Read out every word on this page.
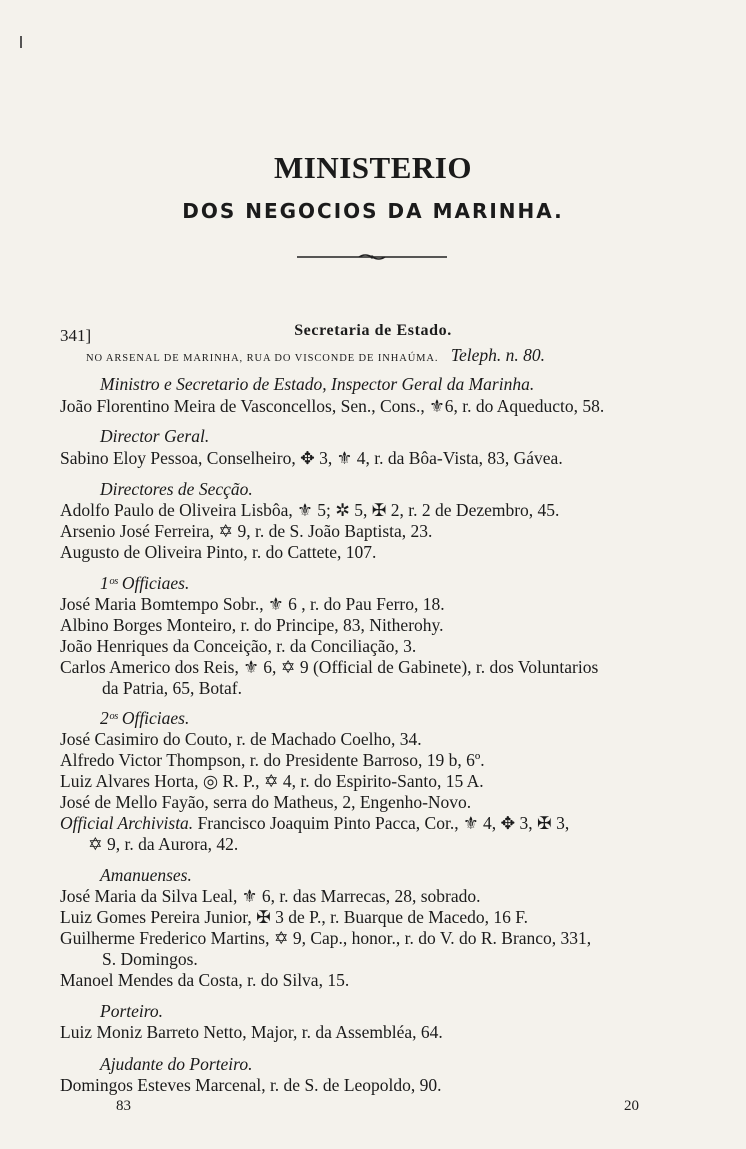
MINISTERIO
DOS NEGOCIOS DA MARINHA.
341]	Secretaria de Estado.
NO ARSENAL DE MARINHA, RUA DO VISCONDE DE INHAÚMA. Teleph. n. 80.
Ministro e Secretario de Estado, Inspector Geral da Marinha.
João Florentino Meira de Vasconcellos, Sen., Cons., ⚜6, r. do Aqueducto, 58.
Director Geral.
Sabino Eloy Pessoa, Conselheiro, ✥ 3, ⚜ 4, r. da Bôa-Vista, 83, Gávea.
Directores de Secção.
Adolfo Paulo de Oliveira Lisbôa, ⚜ 5; ✲ 5, ✠ 2, r. 2 de Dezembro, 45.
Arsenio José Ferreira, ✡ 9, r. de S. João Baptista, 23.
Augusto de Oliveira Pinto, r. do Cattete, 107.
1ᵒˢ Officiaes.
José Maria Bomtempo Sobr., ⚜ 6 , r. do Pau Ferro, 18.
Albino Borges Monteiro, r. do Principe, 83, Nitherohy.
João Henriques da Conceição, r. da Conciliação, 3.
Carlos Americo dos Reis, ⚜ 6, ✡ 9 (Official de Gabinete), r. dos Voluntarios
da Patria, 65, Botaf.
2ᵒˢ Officiaes.
José Casimiro do Couto, r. de Machado Coelho, 34.
Alfredo Victor Thompson, r. do Presidente Barroso, 19 b, 6º.
Luiz Alvares Horta, ◎ R. P., ✡ 4, r. do Espirito-Santo, 15 A.
José de Mello Fayão, serra do Matheus, 2, Engenho-Novo.
Official Archivista. Francisco Joaquim Pinto Pacca, Cor., ⚜ 4, ✥ 3, ✠ 3,
✡ 9, r. da Aurora, 42.
Amanuenses.
José Maria da Silva Leal, ⚜ 6, r. das Marrecas, 28, sobrado.
Luiz Gomes Pereira Junior, ✠ 3 de P., r. Buarque de Macedo, 16 F.
Guilherme Frederico Martins, ✡ 9, Cap., honor., r. do V. do R. Branco, 331,
S. Domingos.
Manoel Mendes da Costa, r. do Silva, 15.
Porteiro.
Luiz Moniz Barreto Netto, Major, r. da Assembléa, 64.
Ajudante do Porteiro.
Domingos Esteves Marcenal, r. de S. de Leopoldo, 90.
83	20
